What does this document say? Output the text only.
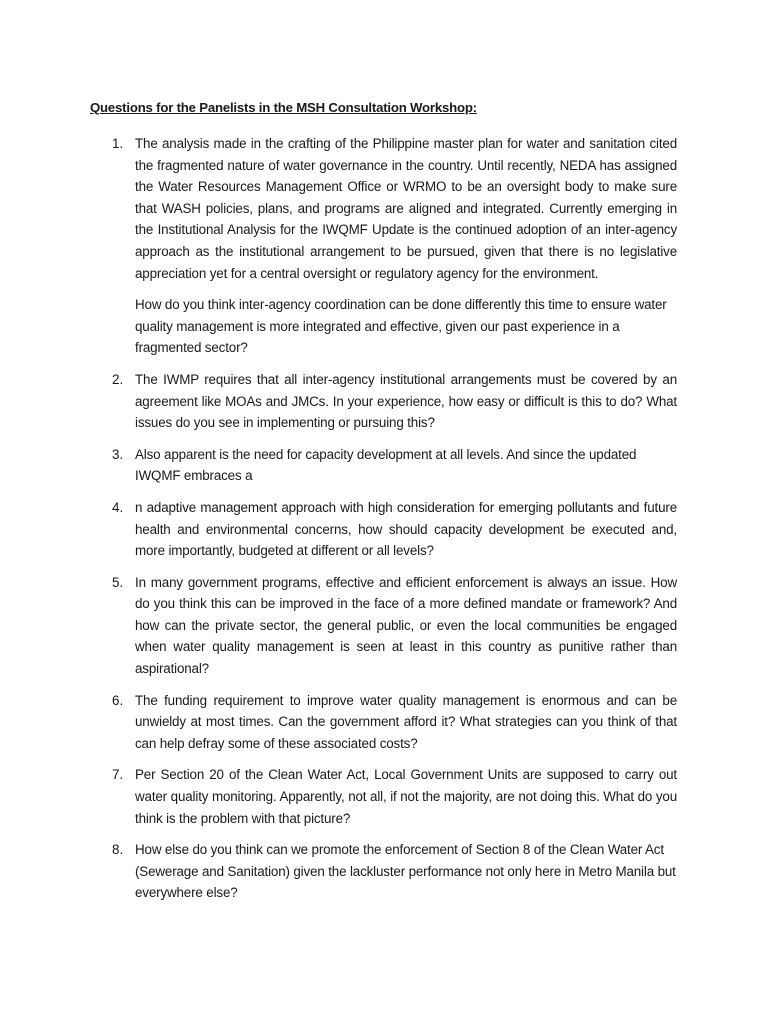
Questions for the Panelists in the MSH Consultation Workshop:
1. The analysis made in the crafting of the Philippine master plan for water and sanitation cited the fragmented nature of water governance in the country. Until recently, NEDA has assigned the Water Resources Management Office or WRMO to be an oversight body to make sure that WASH policies, plans, and programs are aligned and integrated. Currently emerging in the Institutional Analysis for the IWQMF Update is the continued adoption of an inter-agency approach as the institutional arrangement to be pursued, given that there is no legislative appreciation yet for a central oversight or regulatory agency for the environment.

How do you think inter-agency coordination can be done differently this time to ensure water quality management is more integrated and effective, given our past experience in a fragmented sector?

2. The IWMP requires that all inter-agency institutional arrangements must be covered by an agreement like MOAs and JMCs. In your experience, how easy or difficult is this to do? What issues do you see in implementing or pursuing this?

3. Also apparent is the need for capacity development at all levels. And since the updated IWQMF embraces a

4. n adaptive management approach with high consideration for emerging pollutants and future health and environmental concerns, how should capacity development be executed and, more importantly, budgeted at different or all levels?

5. In many government programs, effective and efficient enforcement is always an issue. How do you think this can be improved in the face of a more defined mandate or framework? And how can the private sector, the general public, or even the local communities be engaged when water quality management is seen at least in this country as punitive rather than aspirational?

6. The funding requirement to improve water quality management is enormous and can be unwieldy at most times. Can the government afford it? What strategies can you think of that can help defray some of these associated costs?

7. Per Section 20 of the Clean Water Act, Local Government Units are supposed to carry out water quality monitoring. Apparently, not all, if not the majority, are not doing this. What do you think is the problem with that picture?

8. How else do you think can we promote the enforcement of Section 8 of the Clean Water Act (Sewerage and Sanitation) given the lackluster performance not only here in Metro Manila but everywhere else?
